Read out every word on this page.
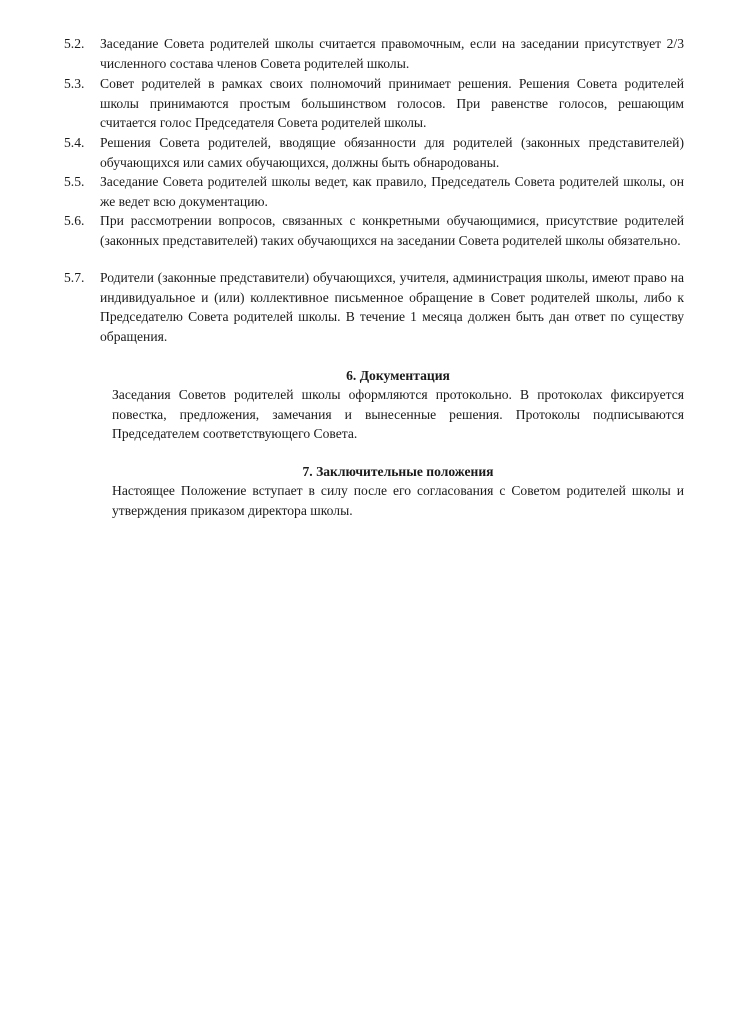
5.2.	Заседание Совета родителей школы считается правомочным, если на заседании присутствует 2/3 численного состава членов Совета родителей школы.
5.3.	Совет родителей в рамках своих полномочий принимает решения. Решения Совета родителей школы принимаются простым большинством голосов. При равенстве голосов, решающим считается голос Председателя Совета родителей школы.
5.4.	Решения Совета родителей, вводящие обязанности для родителей (законных представителей) обучающихся или самих обучающихся, должны быть обнародованы.
5.5.	Заседание Совета родителей школы ведет, как правило, Председатель Совета родителей школы, он же ведет всю документацию.
5.6.	При рассмотрении вопросов, связанных с конкретными обучающимися, присутствие родителей (законных представителей) таких обучающихся на заседании Совета родителей школы обязательно.
5.7.	Родители (законные представители) обучающихся, учителя, администрация школы, имеют право на индивидуальное и (или) коллективное письменное обращение в Совет родителей школы, либо к Председателю Совета родителей школы. В течение 1 месяца должен быть дан ответ по существу обращения.
6. Документация
Заседания Советов родителей школы оформляются протокольно. В протоколах фиксируется повестка, предложения, замечания и вынесенные решения. Протоколы подписываются Председателем соответствующего Совета.
7. Заключительные положения
Настоящее Положение вступает в силу после его согласования с Советом родителей школы и утверждения приказом директора школы.
